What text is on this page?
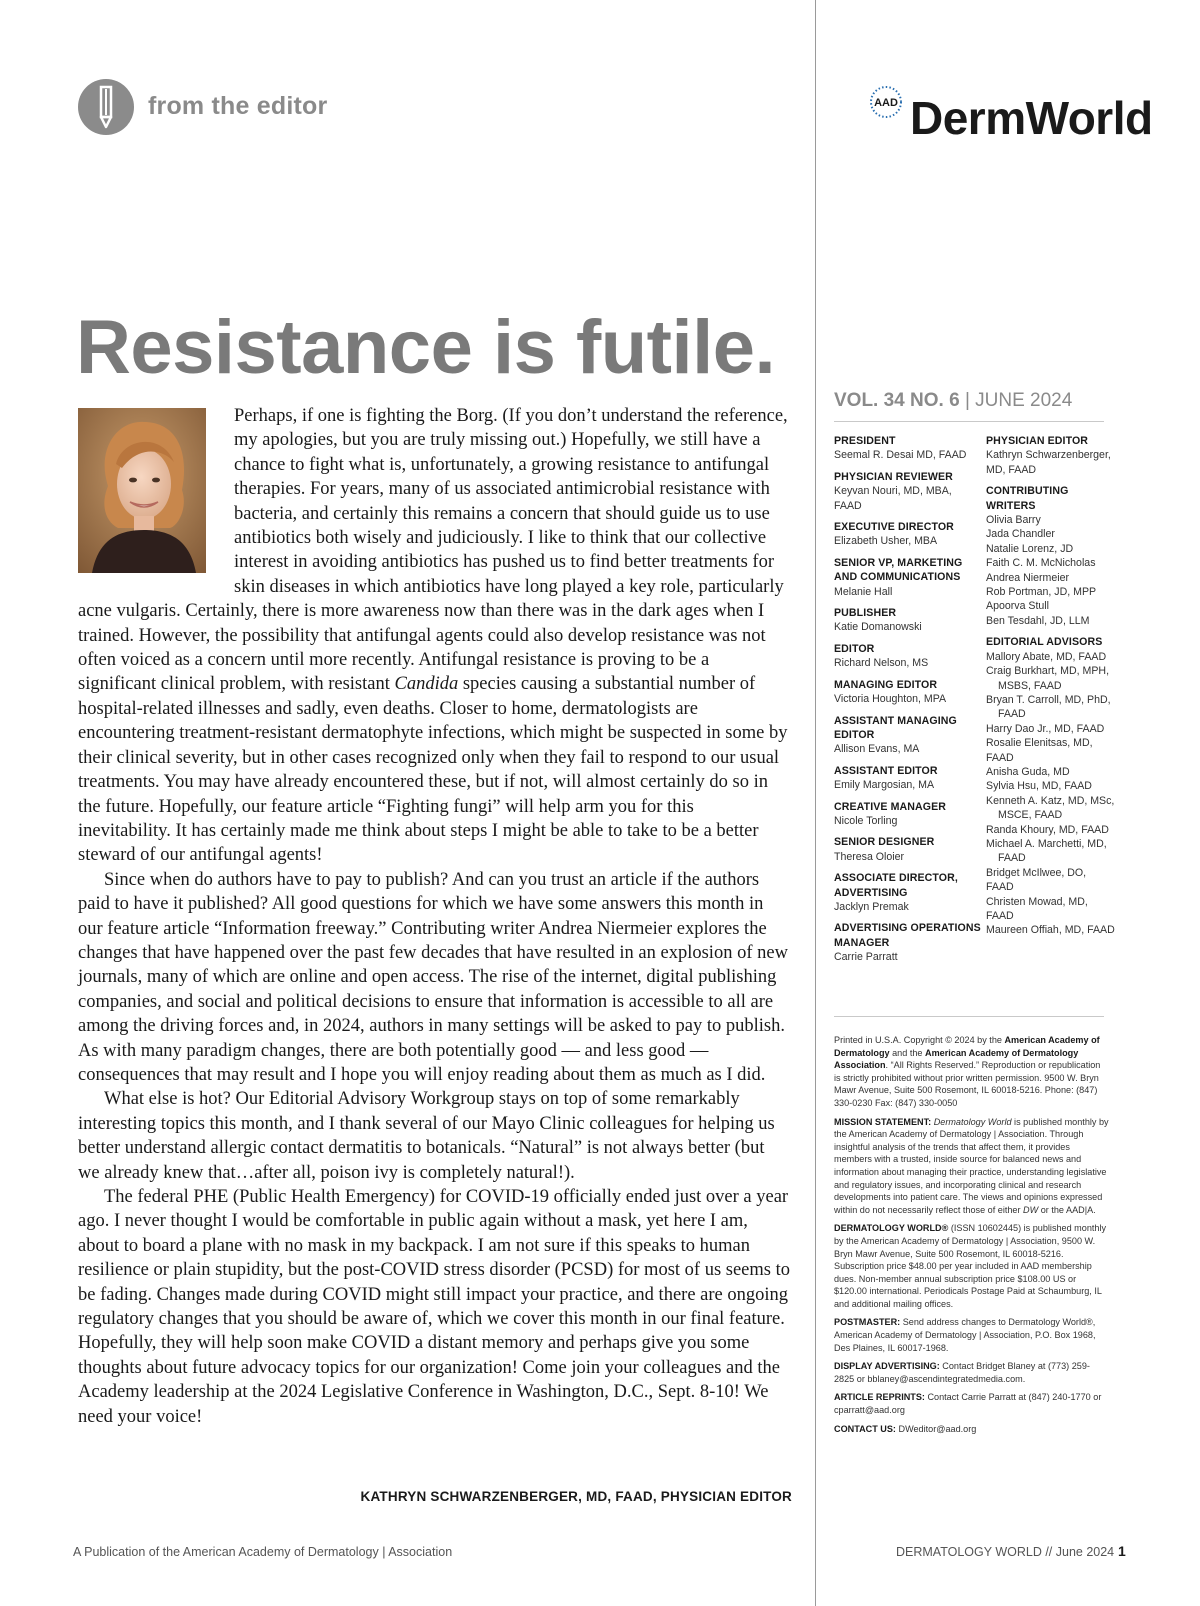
from the editor	AAD DermWorld
Resistance is futile.

Perhaps, if one is fighting the Borg. (If you don’t understand the reference, my apologies, but you are truly missing out.) Hopefully, we still have a chance to fight what is, unfortunately, a growing resistance to antifungal therapies. For years, many of us associated antimicrobial resistance with bacteria, and certainly this remains a concern that should guide us to use antibiotics both wisely and judiciously. I like to think that our collective interest in avoiding antibiotics has pushed us to find better treatments for skin diseases in which antibiotics have long played a key role, particularly acne vulgaris. Certainly, there is more awareness now than there was in the dark ages when I trained. However, the possibility that antifungal agents could also develop resistance was not often voiced as a concern until more recently. Antifungal resistance is proving to be a significant clinical problem, with resistant Candida species causing a substantial number of hospital-related illnesses and sadly, even deaths. Closer to home, dermatologists are encountering treatment-resistant dermatophyte infections, which might be suspected in some by their clinical severity, but in other cases recognized only when they fail to respond to our usual treatments. You may have already encountered these, but if not, will almost certainly do so in the future. Hopefully, our feature article “Fighting fungi” will help arm you for this inevitability. It has certainly made me think about steps I might be able to take to be a better steward of our antifungal agents!

Since when do authors have to pay to publish? And can you trust an article if the authors paid to have it published? All good questions for which we have some answers this month in our feature article “Information freeway.” Contributing writer Andrea Niermeier explores the changes that have happened over the past few decades that have resulted in an explosion of new journals, many of which are online and open access. The rise of the internet, digital publishing companies, and social and political decisions to ensure that information is accessible to all are among the driving forces and, in 2024, authors in many settings will be asked to pay to publish. As with many paradigm changes, there are both potentially good — and less good — consequences that may result and I hope you will enjoy reading about them as much as I did.

What else is hot? Our Editorial Advisory Workgroup stays on top of some remarkably interesting topics this month, and I thank several of our Mayo Clinic colleagues for helping us better understand allergic contact dermatitis to botanicals. “Natural” is not always better (but we already knew that…after all, poison ivy is completely natural!).

The federal PHE (Public Health Emergency) for COVID-19 officially ended just over a year ago. I never thought I would be comfortable in public again without a mask, yet here I am, about to board a plane with no mask in my backpack. I am not sure if this speaks to human resilience or plain stupidity, but the post-COVID stress disorder (PCSD) for most of us seems to be fading. Changes made during COVID might still impact your practice, and there are ongoing regulatory changes that you should be aware of, which we cover this month in our final feature. Hopefully, they will help soon make COVID a distant memory and perhaps give you some thoughts about future advocacy topics for our organization! Come join your colleagues and the Academy leadership at the 2024 Legislative Conference in Washington, D.C., Sept. 8-10! We need your voice!

KATHRYN SCHWARZENBERGER, MD, FAAD, PHYSICIAN EDITOR
VOL. 34 NO. 6 | JUNE 2024
PRESIDENT
Seemal R. Desai MD, FAAD
PHYSICIAN REVIEWER
Keyvan Nouri, MD, MBA, FAAD
EXECUTIVE DIRECTOR
Elizabeth Usher, MBA
SENIOR VP, MARKETING AND COMMUNICATIONS
Melanie Hall
PUBLISHER
Katie Domanowski
EDITOR
Richard Nelson, MS
MANAGING EDITOR
Victoria Houghton, MPA
ASSISTANT MANAGING EDITOR
Allison Evans, MA
ASSISTANT EDITOR
Emily Margosian, MA
CREATIVE MANAGER
Nicole Torling
SENIOR DESIGNER
Theresa Oloier
ASSOCIATE DIRECTOR, ADVERTISING
Jacklyn Premak
ADVERTISING OPERATIONS MANAGER
Carrie Parratt
PHYSICIAN EDITOR
Kathryn Schwarzenberger, MD, FAAD
CONTRIBUTING WRITERS
Olivia Barry
Jada Chandler
Natalie Lorenz, JD
Faith C. M. McNicholas
Andrea Niermeier
Rob Portman, JD, MPP
Apoorva Stull
Ben Tesdahl, JD, LLM
EDITORIAL ADVISORS
Mallory Abate, MD, FAAD
Craig Burkhart, MD, MPH,
MSBS, FAAD
Bryan T. Carroll, MD, PhD,
FAAD
Harry Dao Jr., MD, FAAD
Rosalie Elenitsas, MD, FAAD
Anisha Guda, MD
Sylvia Hsu, MD, FAAD
Kenneth A. Katz, MD, MSc,
MSCE, FAAD
Randa Khoury, MD, FAAD
Michael A. Marchetti, MD,
FAAD
Bridget McIlwee, DO, FAAD
Christen Mowad, MD, FAAD
Maureen Offiah, MD, FAAD

Printed in U.S.A. Copyright © 2024 by the American Academy of Dermatology and the American Academy of Dermatology Association. “All Rights Reserved.” Reproduction or republication is strictly prohibited without prior written permission. 9500 W. Bryn Mawr Avenue, Suite 500 Rosemont, IL 60018-5216. Phone: (847) 330-0230 Fax: (847) 330-0050

MISSION STATEMENT: Dermatology World is published monthly by the American Academy of Dermatology | Association. Through insightful analysis of the trends that affect them, it provides members with a trusted, inside source for balanced news and information about managing their practice, understanding legislative and regulatory issues, and incorporating clinical and research developments into patient care. The views and opinions expressed within do not necessarily reflect those of either DW or the AAD|A.

DERMATOLOGY WORLD® (ISSN 10602445) is published monthly by the American Academy of Dermatology | Association, 9500 W. Bryn Mawr Avenue, Suite 500 Rosemont, IL 60018-5216. Subscription price $48.00 per year included in AAD membership dues. Non-member annual subscription price $108.00 US or $120.00 international. Periodicals Postage Paid at Schaumburg, IL and additional mailing offices.

POSTMASTER: Send address changes to Dermatology World®, American Academy of Dermatology | Association, P.O. Box 1968, Des Plaines, IL 60017-1968.

DISPLAY ADVERTISING: Contact Bridget Blaney at (773) 259-2825 or bblaney@ascendintegratedmedia.com.

ARTICLE REPRINTS: Contact Carrie Parratt at (847) 240-1770 or cparratt@aad.org

CONTACT US: DWeditor@aad.org

A Publication of the American Academy of Dermatology | Association	DERMATOLOGY WORLD // June 2024 1
